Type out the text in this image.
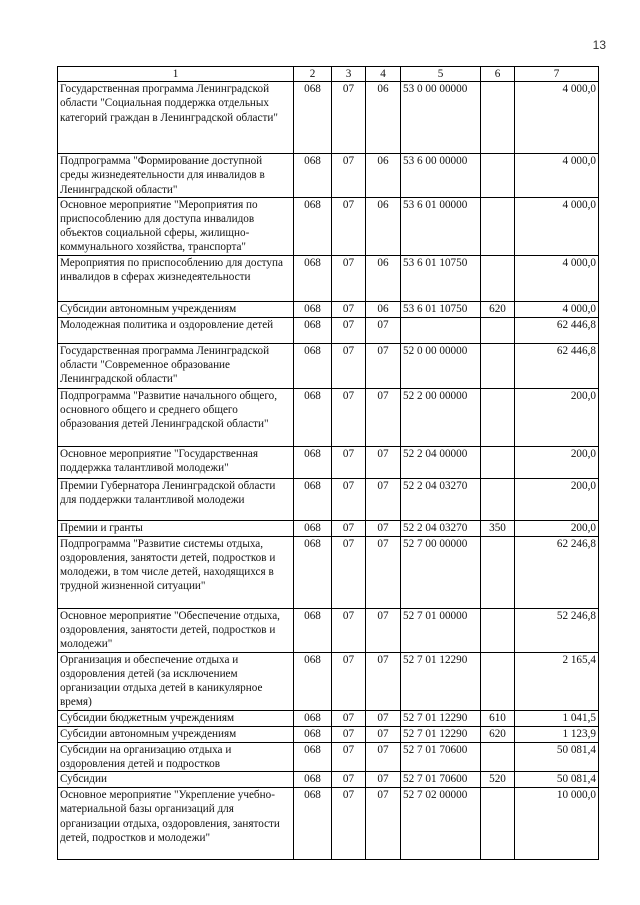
13
1	2	3	4	5	6	7
Государственная программа Ленинградской области "Социальная поддержка отдельных категорий граждан в Ленинградской области"	068	07	06	53 0 00 00000		4 000,0
Подпрограмма "Формирование доступной среды жизнедеятельности для инвалидов в Ленинградской области"	068	07	06	53 6 00 00000		4 000,0
Основное мероприятие "Мероприятия по приспособлению для доступа инвалидов объектов социальной сферы, жилищно-коммунального хозяйства, транспорта"	068	07	06	53 6 01 00000		4 000,0
Мероприятия по приспособлению для доступа инвалидов в сферах жизнедеятельности	068	07	06	53 6 01 10750		4 000,0
Субсидии автономным учреждениям	068	07	06	53 6 01 10750	620	4 000,0
Молодежная политика и оздоровление детей	068	07	07			62 446,8
Государственная программа Ленинградской области "Современное образование Ленинградской области"	068	07	07	52 0 00 00000		62 446,8
Подпрограмма "Развитие начального общего, основного общего и среднего общего образования детей Ленинградской области"	068	07	07	52 2 00 00000		200,0
Основное мероприятие "Государственная поддержка талантливой молодежи"	068	07	07	52 2 04 00000		200,0
Премии Губернатора Ленинградской области для поддержки талантливой молодежи	068	07	07	52 2 04 03270		200,0
Премии и гранты	068	07	07	52 2 04 03270	350	200,0
Подпрограмма "Развитие системы отдыха, оздоровления, занятости детей, подростков и молодежи, в том числе детей, находящихся в трудной жизненной ситуации"	068	07	07	52 7 00 00000		62 246,8
Основное мероприятие "Обеспечение отдыха, оздоровления, занятости детей, подростков и молодежи"	068	07	07	52 7 01 00000		52 246,8
Организация и обеспечение отдыха и оздоровления детей (за исключением организации отдыха детей в каникулярное время)	068	07	07	52 7 01 12290		2 165,4
Субсидии бюджетным учреждениям	068	07	07	52 7 01 12290	610	1 041,5
Субсидии автономным учреждениям	068	07	07	52 7 01 12290	620	1 123,9
Субсидии на организацию отдыха и оздоровления детей и подростков	068	07	07	52 7 01 70600		50 081,4
Субсидии	068	07	07	52 7 01 70600	520	50 081,4
Основное мероприятие "Укрепление учебно-материальной базы организаций для организации отдыха, оздоровления, занятости детей, подростков и молодежи"	068	07	07	52 7 02 00000		10 000,0
